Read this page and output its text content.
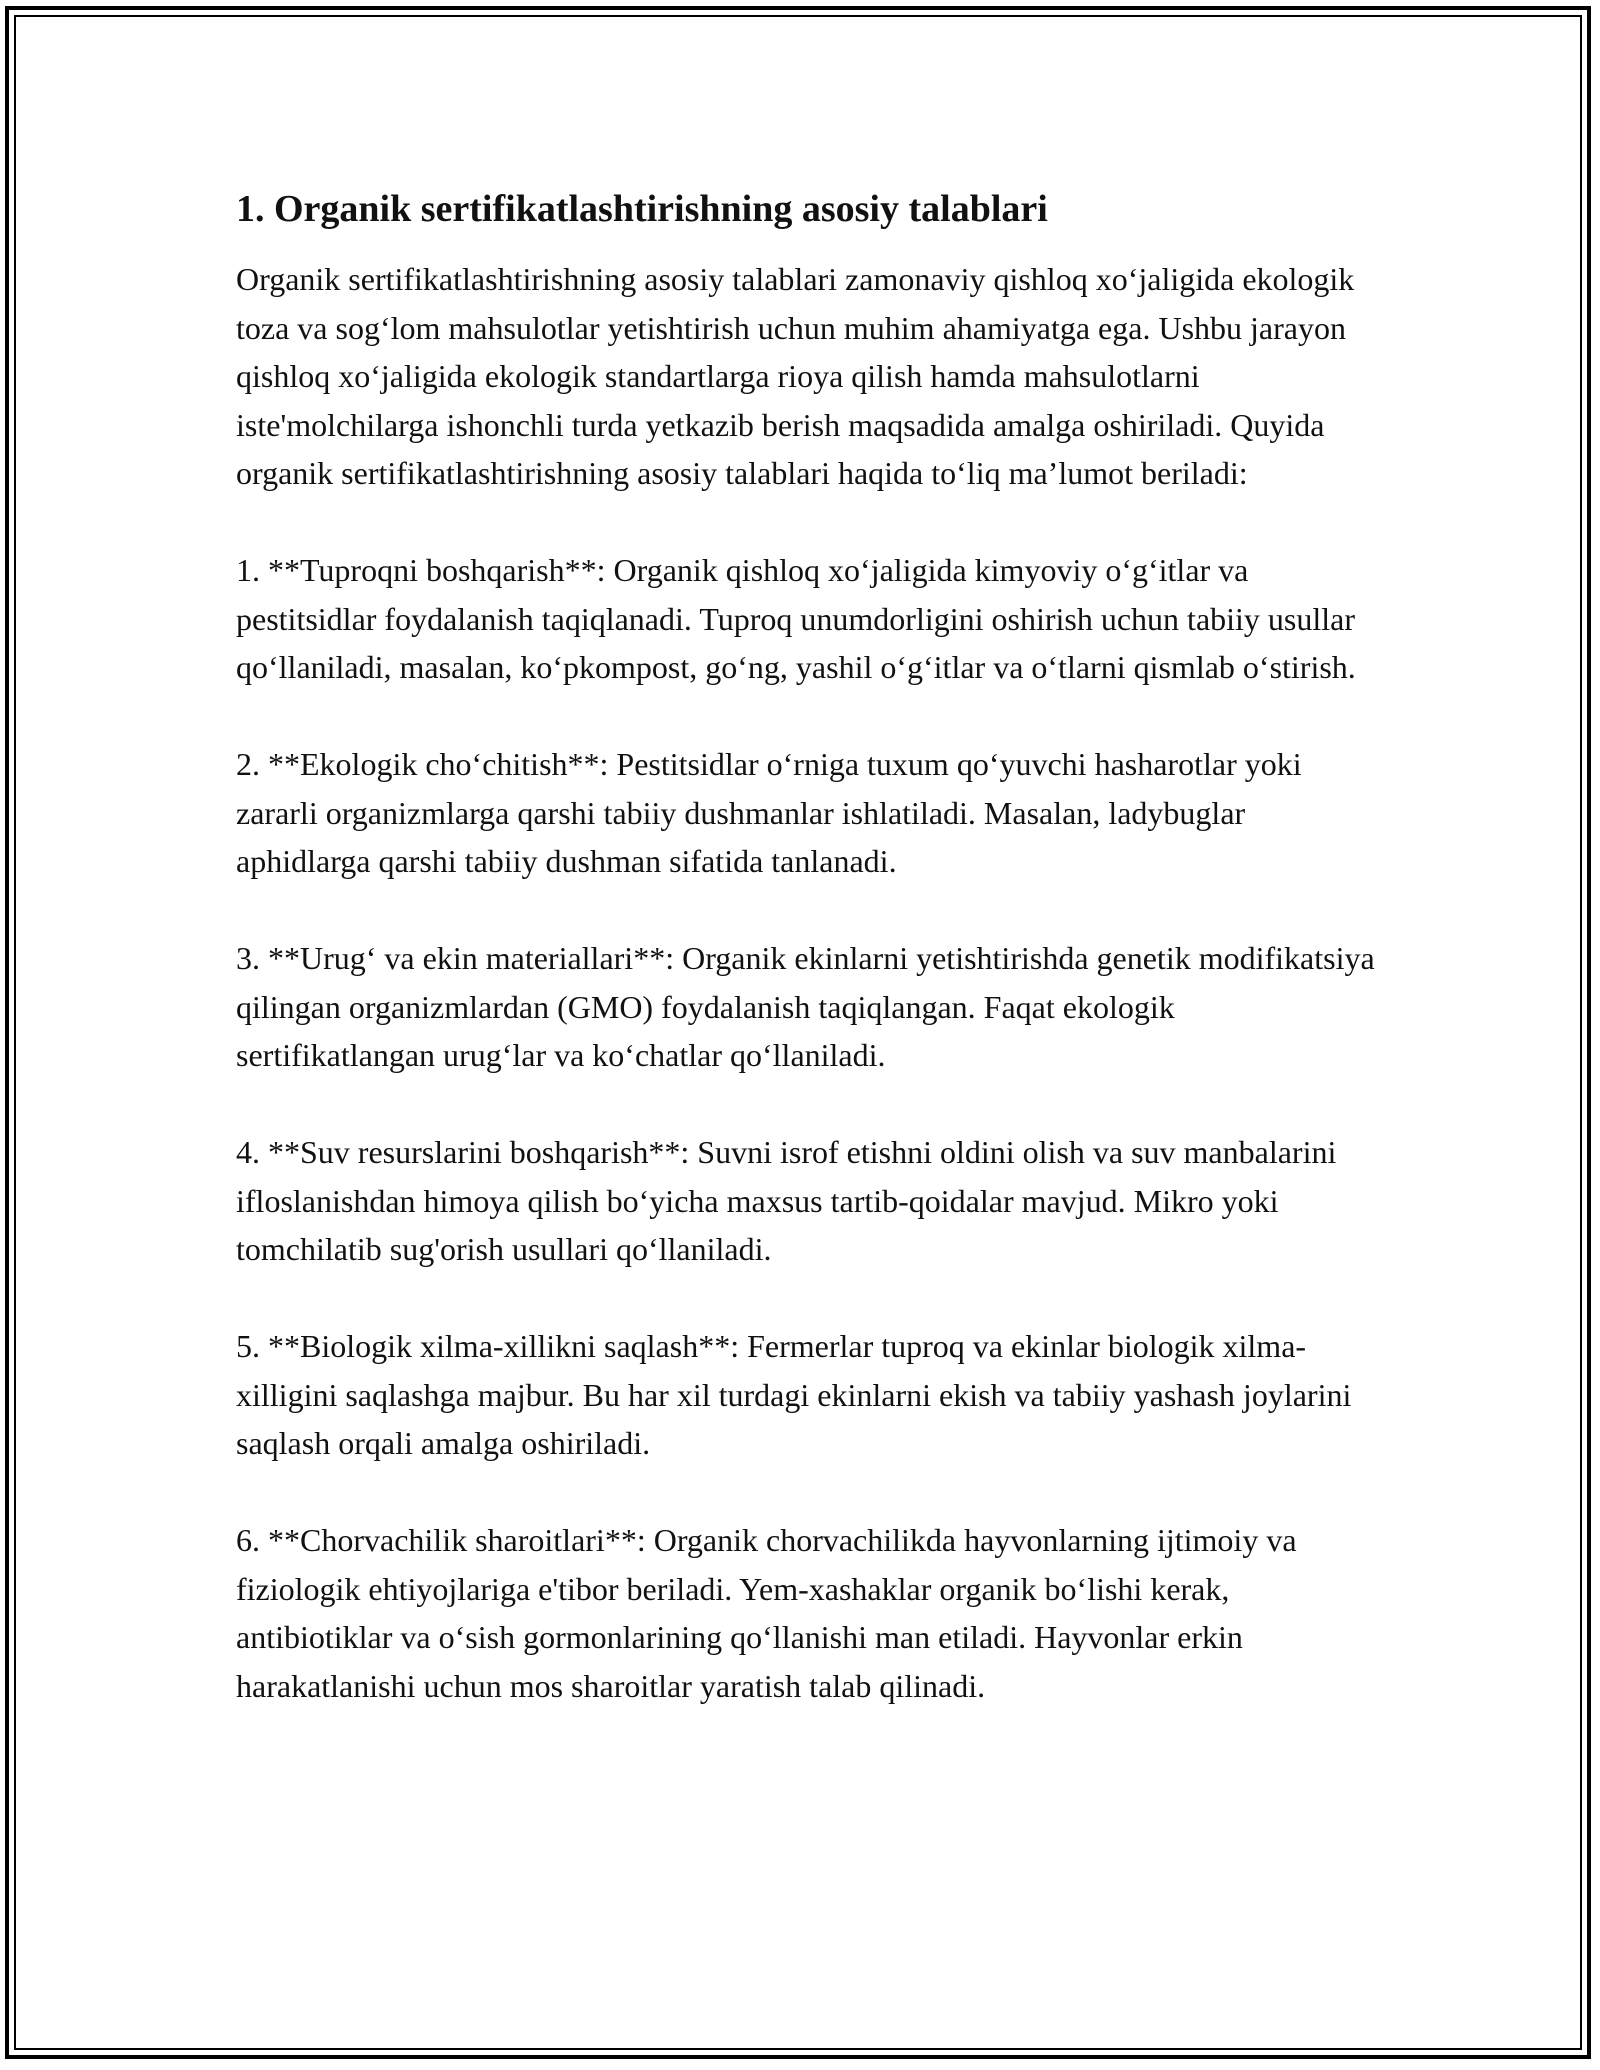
1. Organik sertifikatlashtirishning asosiy talablari

Organik sertifikatlashtirishning asosiy talablari zamonaviy qishloq xo‘jaligida ekologik toza va sog‘lom mahsulotlar yetishtirish uchun muhim ahamiyatga ega. Ushbu jarayon qishloq xo‘jaligida ekologik standartlarga rioya qilish hamda mahsulotlarni iste'molchilarga ishonchli turda yetkazib berish maqsadida amalga oshiriladi. Quyida organik sertifikatlashtirishning asosiy talablari haqida to‘liq ma’lumot beriladi:

1. **Tuproqni boshqarish**: Organik qishloq xo‘jaligida kimyoviy o‘g‘itlar va pestitsidlar foydalanish taqiqlanadi. Tuproq unumdorligini oshirish uchun tabiiy usullar qo‘llaniladi, masalan, ko‘pkompost, go‘ng, yashil o‘g‘itlar va o‘tlarni qismlab o‘stirish.

2. **Ekologik cho‘chitish**: Pestitsidlar o‘rniga tuxum qo‘yuvchi hasharotlar yoki zararli organizmlarga qarshi tabiiy dushmanlar ishlatiladi. Masalan, ladybuglar aphidlarga qarshi tabiiy dushman sifatida tanlanadi.

3. **Urug‘ va ekin materiallari**: Organik ekinlarni yetishtirishda genetik modifikatsiya qilingan organizmlardan (GMO) foydalanish taqiqlangan. Faqat ekologik sertifikatlangan urug‘lar va ko‘chatlar qo‘llaniladi.

4. **Suv resurslarini boshqarish**: Suvni isrof etishni oldini olish va suv manbalarini ifloslanishdan himoya qilish bo‘yicha maxsus tartib-qoidalar mavjud. Mikro yoki tomchilatib sug'orish usullari qo‘llaniladi.

5. **Biologik xilma-xillikni saqlash**: Fermerlar tuproq va ekinlar biologik xilma-xilligini saqlashga majbur. Bu har xil turdagi ekinlarni ekish va tabiiy yashash joylarini saqlash orqali amalga oshiriladi.

6. **Chorvachilik sharoitlari**: Organik chorvachilikda hayvonlarning ijtimoiy va fiziologik ehtiyojlariga e'tibor beriladi. Yem-xashaklar organik bo‘lishi kerak, antibiotiklar va o‘sish gormonlarining qo‘llanishi man etiladi. Hayvonlar erkin harakatlanishi uchun mos sharoitlar yaratish talab qilinadi.
